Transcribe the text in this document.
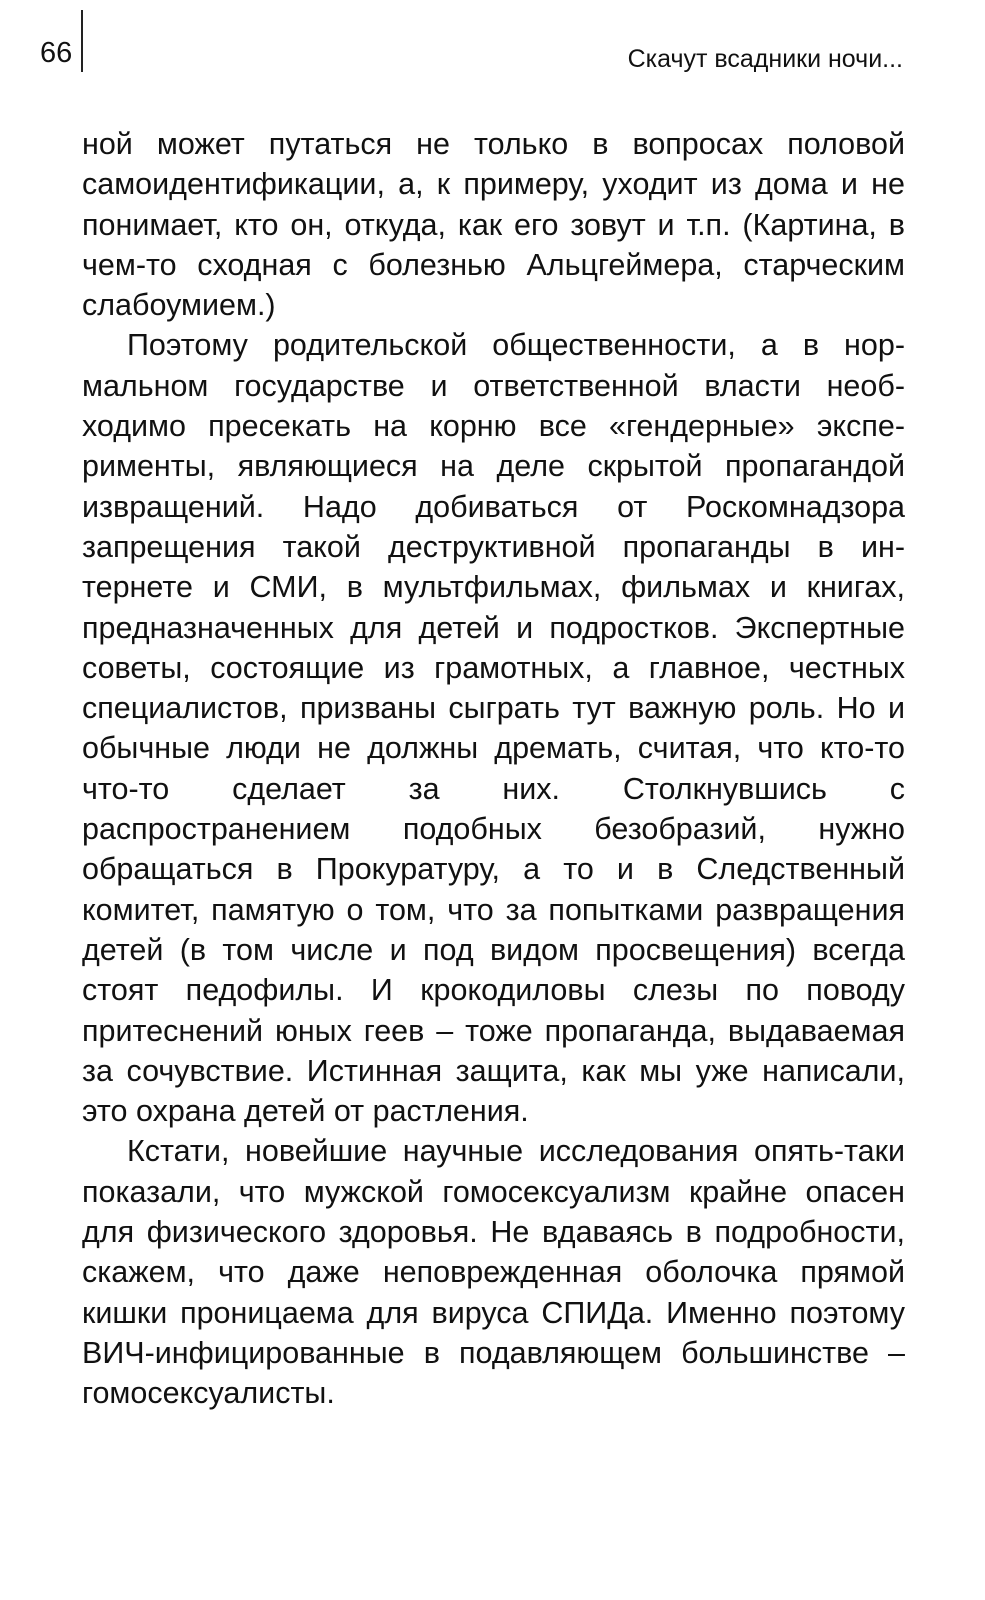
66	Скачут всадники ночи...

ной может путаться не только в вопросах половой самоидентификации, а, к примеру, уходит из дома и не понимает, кто он, откуда, как его зовут и т.п. (Картина, в чем-то сходная с болезнью Альцгеймера, старческим слабоумием.)

Поэтому родительской общественности, а в нормальном государстве и ответственной власти необходимо пресекать на корню все «гендерные» эксперименты, являющиеся на деле скрытой пропагандой извращений. Надо добиваться от Роскомнадзора запрещения такой деструктивной пропаганды в интернете и СМИ, в мультфильмах, фильмах и книгах, предназначенных для детей и подростков. Экспертные советы, состоящие из грамотных, а главное, честных специалистов, призваны сыграть тут важную роль. Но и обычные люди не должны дремать, считая, что кто-то что-то сделает за них. Столкнувшись с распространением подобных безобразий, нужно обращаться в Прокуратуру, а то и в Следственный комитет, памятую о том, что за попытками развращения детей (в том числе и под видом просвещения) всегда стоят педофилы. И крокодиловы слезы по поводу притеснений юных геев – тоже пропаганда, выдаваемая за сочувствие. Истинная защита, как мы уже написали, это охрана детей от растления.

Кстати, новейшие научные исследования опять-таки показали, что мужской гомосексуализм крайне опасен для физического здоровья. Не вдаваясь в подробности, скажем, что даже неповрежденная оболочка прямой кишки проницаема для вируса СПИДа. Именно поэтому ВИЧ-инфицированные в подавляющем большинстве – гомосексуалисты.
